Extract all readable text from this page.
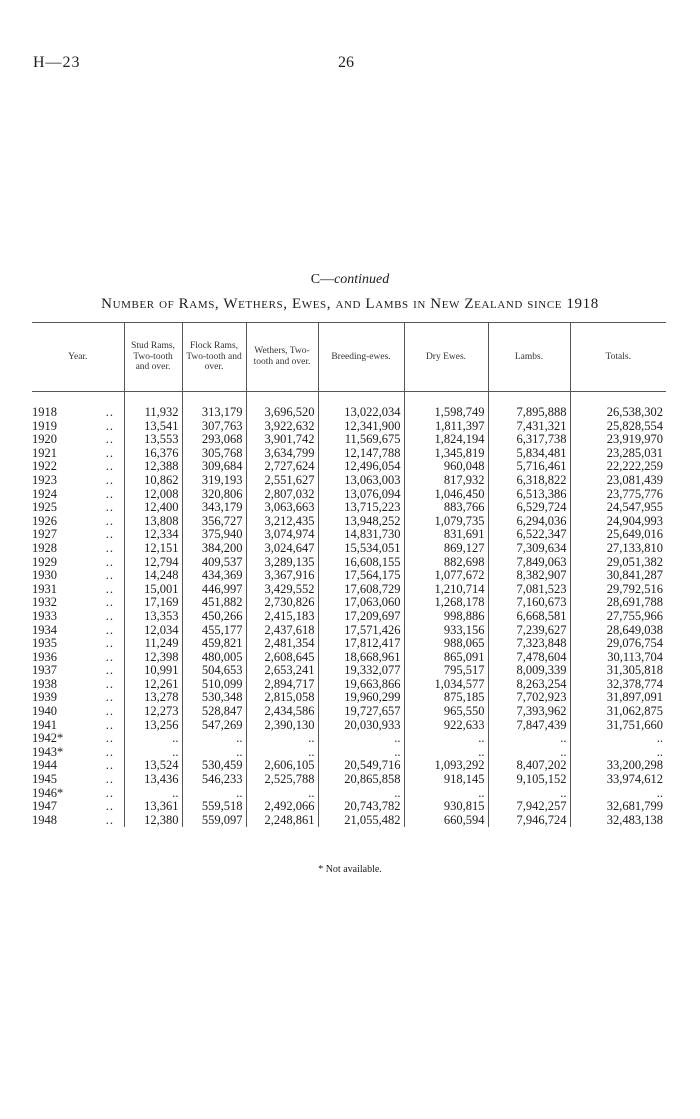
H—23	26
C—continued
Number of Rams, Wethers, Ewes, and Lambs in New Zealand since 1918
Year.	Stud Rams, Two-tooth and over.	Flock Rams, Two-tooth and over.	Wethers, Two-tooth and over.	Breeding-ewes.	Dry Ewes.	Lambs.	Totals.

1918 ..	11,932	313,179	3,696,520	13,022,034	1,598,749	7,895,888	26,538,302
1919 ..	13,541	307,763	3,922,632	12,341,900	1,811,397	7,431,321	25,828,554
1920 ..	13,553	293,068	3,901,742	11,569,675	1,824,194	6,317,738	23,919,970
1921 ..	16,376	305,768	3,634,799	12,147,788	1,345,819	5,834,481	23,285,031
1922 ..	12,388	309,684	2,727,624	12,496,054	960,048	5,716,461	22,222,259
1923 ..	10,862	319,193	2,551,627	13,063,003	817,932	6,318,822	23,081,439
1924 ..	12,008	320,806	2,807,032	13,076,094	1,046,450	6,513,386	23,775,776
1925 ..	12,400	343,179	3,063,663	13,715,223	883,766	6,529,724	24,547,955
1926 ..	13,808	356,727	3,212,435	13,948,252	1,079,735	6,294,036	24,904,993
1927 ..	12,334	375,940	3,074,974	14,831,730	831,691	6,522,347	25,649,016
1928 ..	12,151	384,200	3,024,647	15,534,051	869,127	7,309,634	27,133,810
1929 ..	12,794	409,537	3,289,135	16,608,155	882,698	7,849,063	29,051,382
1930 ..	14,248	434,369	3,367,916	17,564,175	1,077,672	8,382,907	30,841,287
1931 ..	15,001	446,997	3,429,552	17,608,729	1,210,714	7,081,523	29,792,516
1932 ..	17,169	451,882	2,730,826	17,063,060	1,268,178	7,160,673	28,691,788
1933 ..	13,353	450,266	2,415,183	17,209,697	998,886	6,668,581	27,755,966
1934 ..	12,034	455,177	2,437,618	17,571,426	933,156	7,239,627	28,649,038
1935 ..	11,249	459,821	2,481,354	17,812,417	988,065	7,323,848	29,076,754
1936 ..	12,398	480,005	2,608,645	18,668,961	865,091	7,478,604	30,113,704
1937 ..	10,991	504,653	2,653,241	19,332,077	795,517	8,009,339	31,305,818
1938 ..	12,261	510,099	2,894,717	19,663,866	1,034,577	8,263,254	32,378,774
1939 ..	13,278	530,348	2,815,058	19,960,299	875,185	7,702,923	31,897,091
1940 ..	12,273	528,847	2,434,586	19,727,657	965,550	7,393,962	31,062,875
1941 ..	13,256	547,269	2,390,130	20,030,933	922,633	7,847,439	31,751,660
1942* ..	..	..	..	..	..	..	..
1943* ..	..	..	..	..	..	..	..
1944 ..	13,524	530,459	2,606,105	20,549,716	1,093,292	8,407,202	33,200,298
1945 ..	13,436	546,233	2,525,788	20,865,858	918,145	9,105,152	33,974,612
1946* ..	..	..	..	..	..	..	..
1947 ..	13,361	559,518	2,492,066	20,743,782	930,815	7,942,257	32,681,799
1948 ..	12,380	559,097	2,248,861	21,055,482	660,594	7,946,724	32,483,138
* Not available.
